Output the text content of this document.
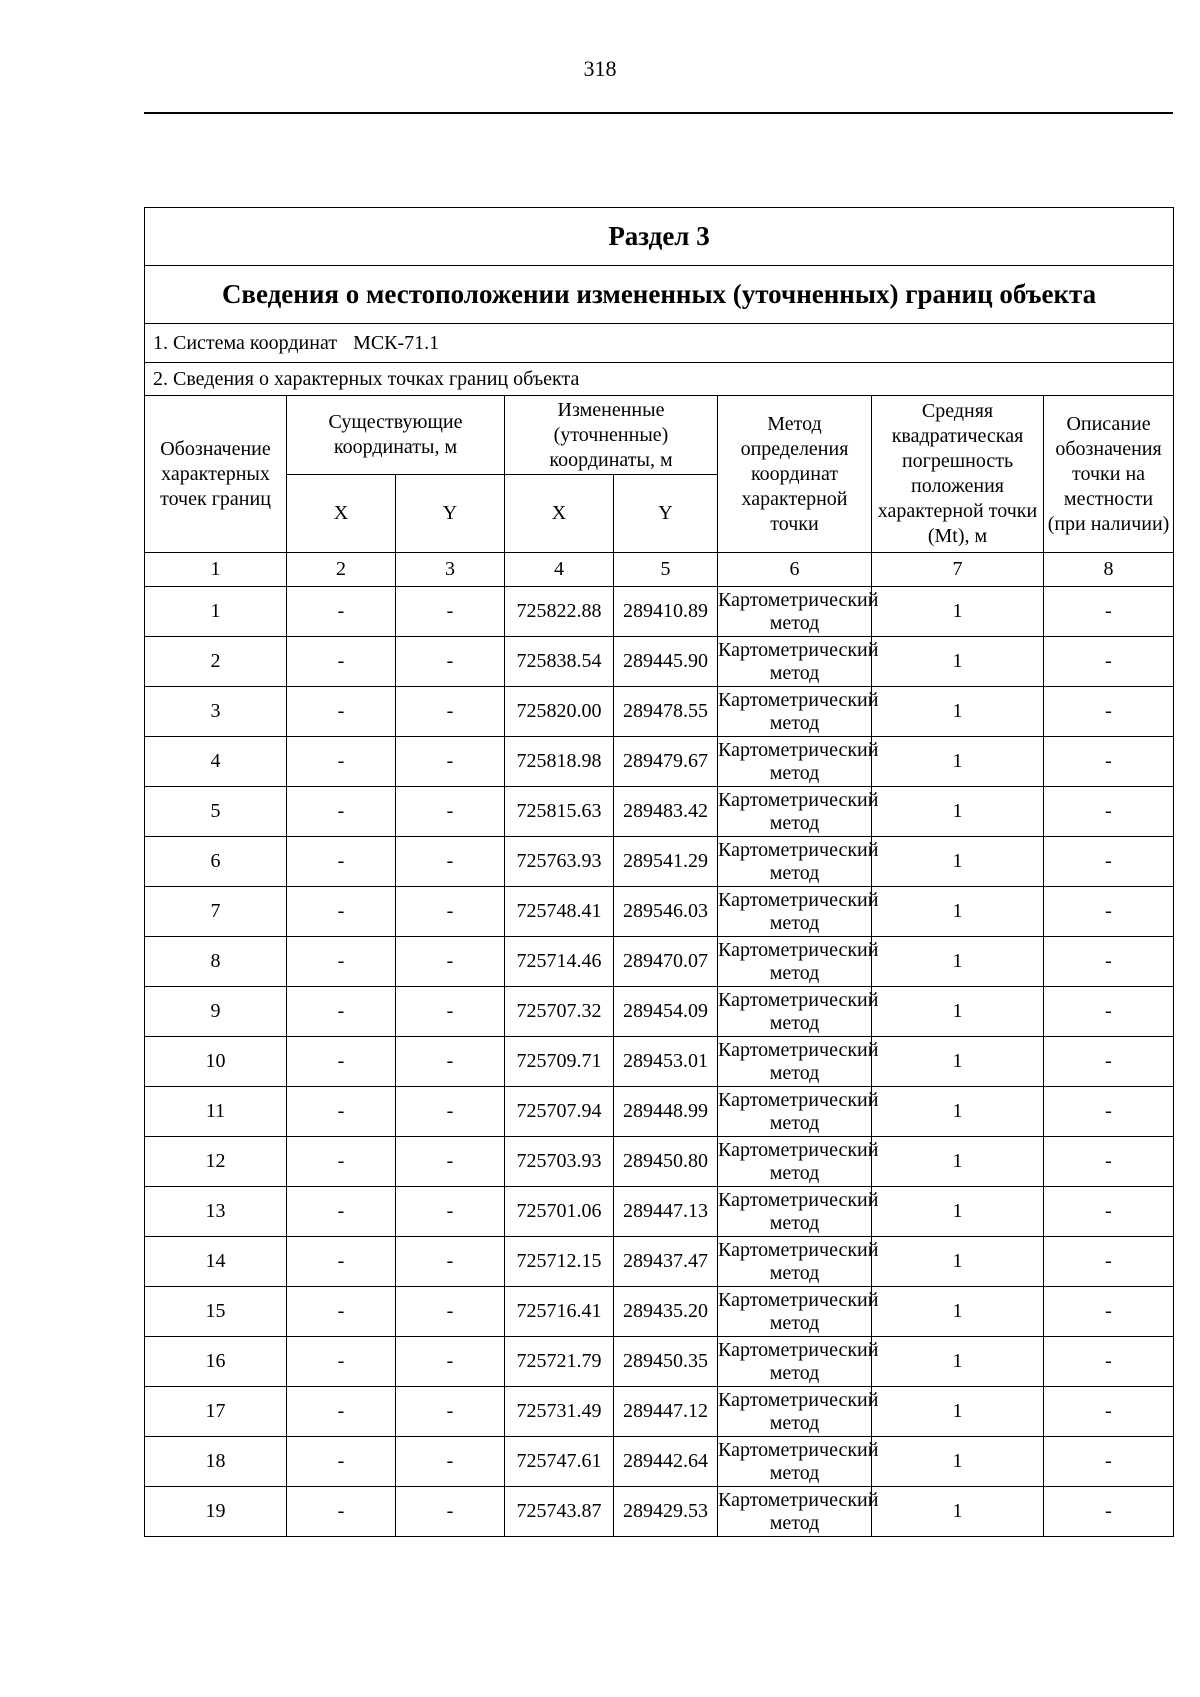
318
Раздел 3							
Сведения о местоположении измененных (уточненных) границ объекта							
1. Система координат МСК-71.1							
2. Сведения о характерных точках границ объекта							
Обозначение характерных точек границ	Существующие координаты, м		Измененные (уточненные) координаты, м		Метод определения координат характерной точки	Средняя квадратическая погрешность положения характерной точки (Mt), м	Описание обозначения точки на местности (при наличии)
	X	Y	X	Y			
1	2	3	4	5	6	7	8
1	-	-	725822.88	289410.89	Картометрический метод	1	-
2	-	-	725838.54	289445.90	Картометрический метод	1	-
3	-	-	725820.00	289478.55	Картометрический метод	1	-
4	-	-	725818.98	289479.67	Картометрический метод	1	-
5	-	-	725815.63	289483.42	Картометрический метод	1	-
6	-	-	725763.93	289541.29	Картометрический метод	1	-
7	-	-	725748.41	289546.03	Картометрический метод	1	-
8	-	-	725714.46	289470.07	Картометрический метод	1	-
9	-	-	725707.32	289454.09	Картометрический метод	1	-
10	-	-	725709.71	289453.01	Картометрический метод	1	-
11	-	-	725707.94	289448.99	Картометрический метод	1	-
12	-	-	725703.93	289450.80	Картометрический метод	1	-
13	-	-	725701.06	289447.13	Картометрический метод	1	-
14	-	-	725712.15	289437.47	Картометрический метод	1	-
15	-	-	725716.41	289435.20	Картометрический метод	1	-
16	-	-	725721.79	289450.35	Картометрический метод	1	-
17	-	-	725731.49	289447.12	Картометрический метод	1	-
18	-	-	725747.61	289442.64	Картометрический метод	1	-
19	-	-	725743.87	289429.53	Картометрический метод	1	-
